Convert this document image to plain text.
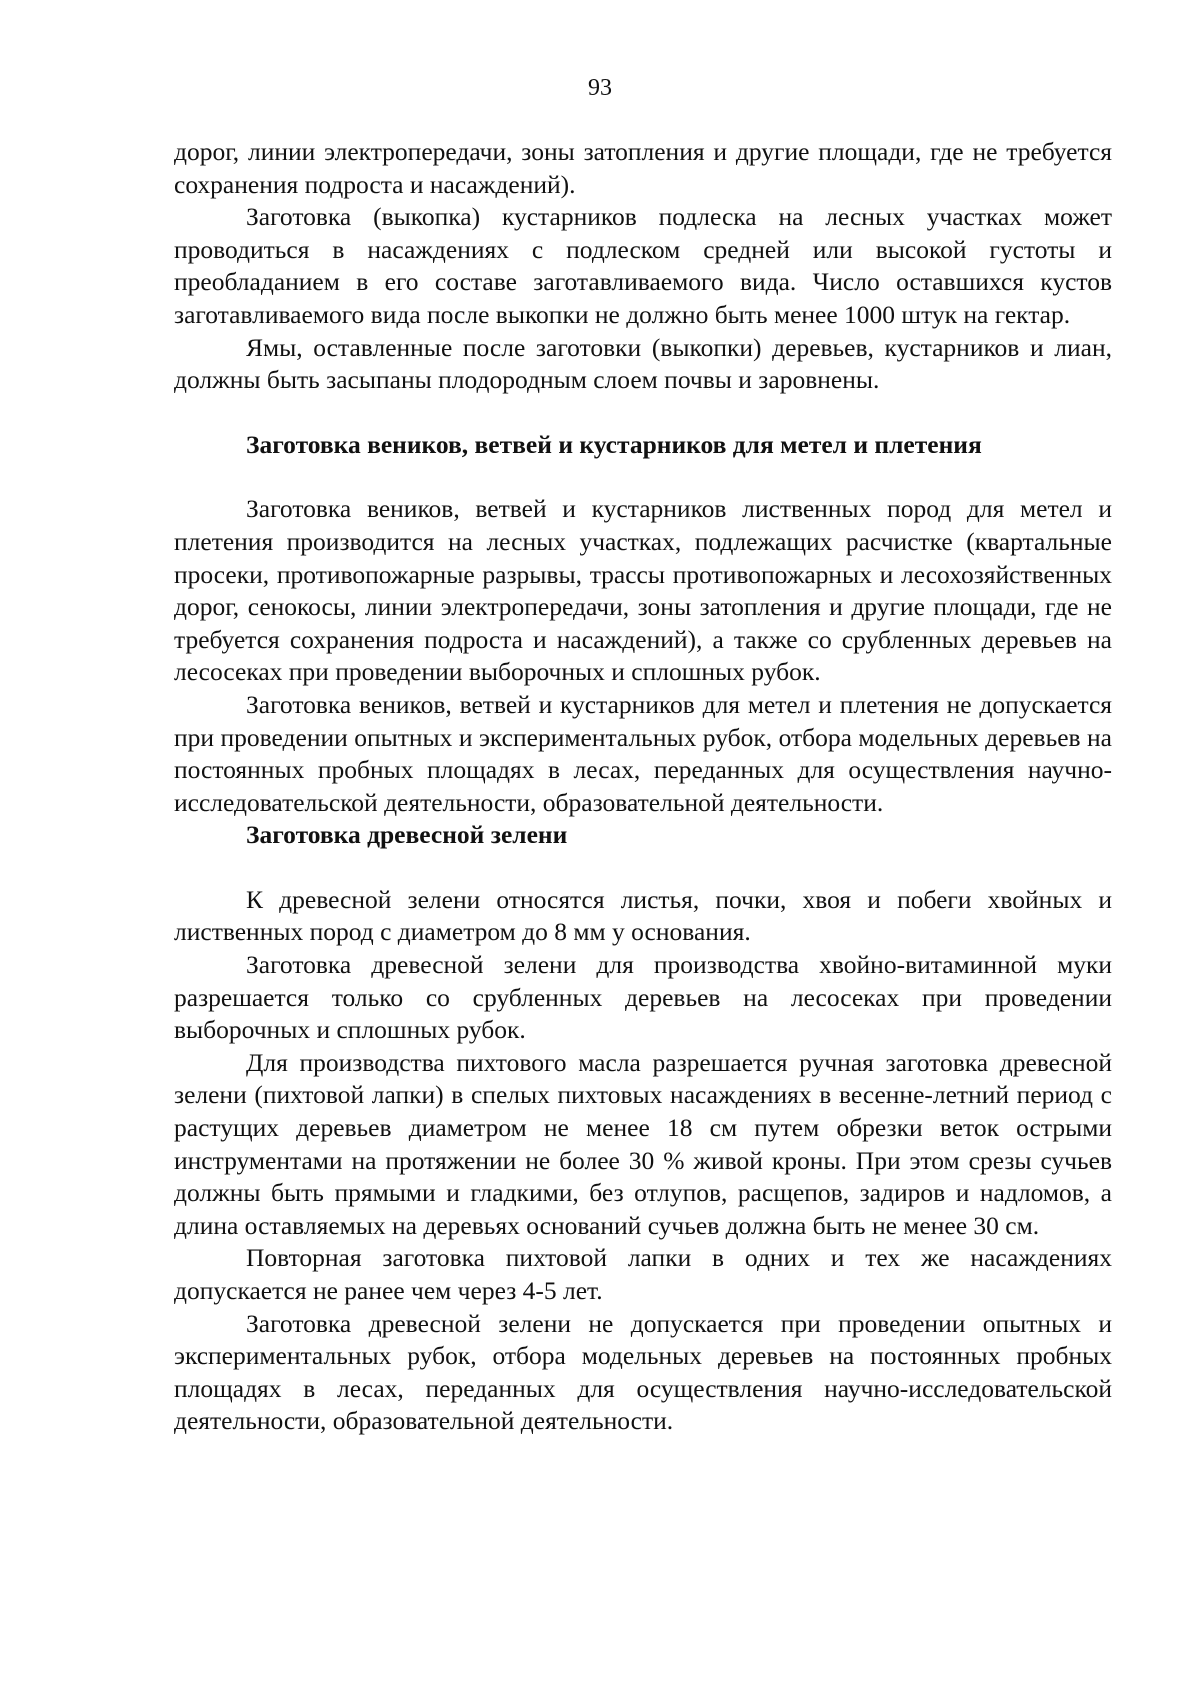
93

дорог, линии электропередачи, зоны затопления и другие площади, где не требуется сохранения подроста и насаждений).

Заготовка (выкопка) кустарников подлеска на лесных участках может проводиться в насаждениях с подлеском средней или высокой густоты и преобладанием в его составе заготавливаемого вида. Число оставшихся кустов заготавливаемого вида после выкопки не должно быть менее 1000 штук на гектар.

Ямы, оставленные после заготовки (выкопки) деревьев, кустарников и лиан, должны быть засыпаны плодородным слоем почвы и заровнены.

Заготовка веников, ветвей и кустарников для метел и плетения

Заготовка веников, ветвей и кустарников лиственных пород для метел и плетения производится на лесных участках, подлежащих расчистке (квартальные просеки, противопожарные разрывы, трассы противопожарных и лесохозяйственных дорог, сенокосы, линии электропередачи, зоны затопления и другие площади, где не требуется сохранения подроста и насаждений), а также со срубленных деревьев на лесосеках при проведении выборочных и сплошных рубок.

Заготовка веников, ветвей и кустарников для метел и плетения не допускается при проведении опытных и экспериментальных рубок, отбора модельных деревьев на постоянных пробных площадях в лесах, переданных для осуществления научно-исследовательской деятельности, образовательной деятельности.

Заготовка древесной зелени

К древесной зелени относятся листья, почки, хвоя и побеги хвойных и лиственных пород с диаметром до 8 мм у основания.

Заготовка древесной зелени для производства хвойно-витаминной муки разрешается только со срубленных деревьев на лесосеках при проведении выборочных и сплошных рубок.

Для производства пихтового масла разрешается ручная заготовка древесной зелени (пихтовой лапки) в спелых пихтовых насаждениях в весенне-летний период с растущих деревьев диаметром не менее 18 см путем обрезки веток острыми инструментами на протяжении не более 30 % живой кроны. При этом срезы сучьев должны быть прямыми и гладкими, без отлупов, расщепов, задиров и надломов, а длина оставляемых на деревьях оснований сучьев должна быть не менее 30 см.

Повторная заготовка пихтовой лапки в одних и тех же насаждениях допускается не ранее чем через 4-5 лет.

Заготовка древесной зелени не допускается при проведении опытных и экспериментальных рубок, отбора модельных деревьев на постоянных пробных площадях в лесах, переданных для осуществления научно-исследовательской деятельности, образовательной деятельности.
